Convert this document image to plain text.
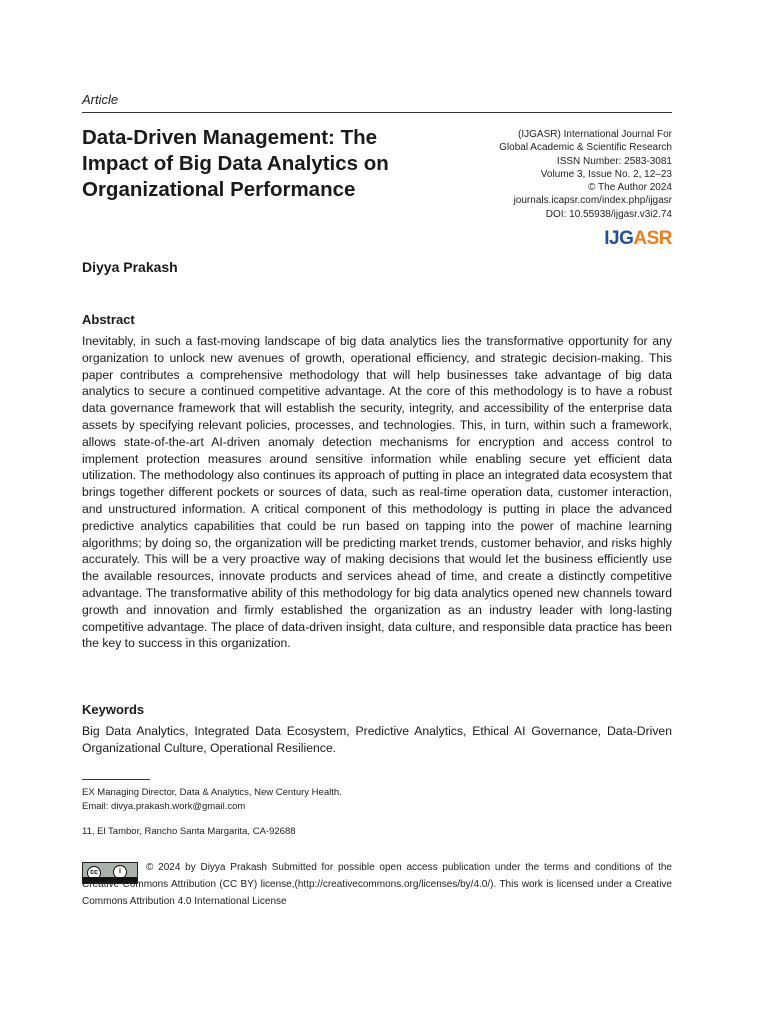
Article
Data-Driven Management: The
Impact of Big Data Analytics on
Organizational Performance
(IJGASR) International Journal For
Global Academic & Scientific Research
ISSN Number: 2583-3081
Volume 3, Issue No. 2, 12–23
© The Author 2024
journals.icapsr.com/index.php/ijgasr
DOI: 10.55938/ijgasr.v3i2.74
IJGASR
Diyya Prakash
Abstract
Inevitably, in such a fast-moving landscape of big data analytics lies the transformative opportunity for any organization to unlock new avenues of growth, operational efficiency, and strategic decision-making. This paper contributes a comprehensive methodology that will help businesses take advantage of big data analytics to secure a continued competitive advantage. At the core of this methodology is to have a robust data governance framework that will establish the security, integrity, and accessibility of the enterprise data assets by specifying relevant policies, processes, and technologies. This, in turn, within such a framework, allows state-of-the-art AI-driven anomaly detection mechanisms for encryption and access control to implement protection measures around sensitive information while enabling secure yet efficient data utilization. The methodology also continues its approach of putting in place an integrated data ecosystem that brings together different pockets or sources of data, such as real-time operation data, customer interaction, and unstructured information. A critical component of this methodology is putting in place the advanced predictive analytics capabilities that could be run based on tapping into the power of machine learning algorithms; by doing so, the organization will be predicting market trends, customer behavior, and risks highly accurately. This will be a very proactive way of making decisions that would let the business efficiently use the available resources, innovate products and services ahead of time, and create a distinctly competitive advantage. The transformative ability of this methodology for big data analytics opened new channels toward growth and innovation and firmly established the organization as an industry leader with long-lasting competitive advantage. The place of data-driven insight, data culture, and responsible data practice has been the key to success in this organization.
Keywords
Big Data Analytics, Integrated Data Ecosystem, Predictive Analytics, Ethical AI Governance, Data-Driven Organizational Culture, Operational Resilience.
EX Managing Director, Data & Analytics, New Century Health.
Email: divya.prakash.work@gmail.com
11, El Tambor, Rancho Santa Margarita, CA-92688
cc	i	© 2024 by Diyya Prakash Submitted for possible open access publication under the terms and conditions of the Creative Commons Attribution (CC BY) license,(http://creativecommons.org/licenses/by/4.0/). This work is licensed under a Creative Commons Attribution 4.0 International License
